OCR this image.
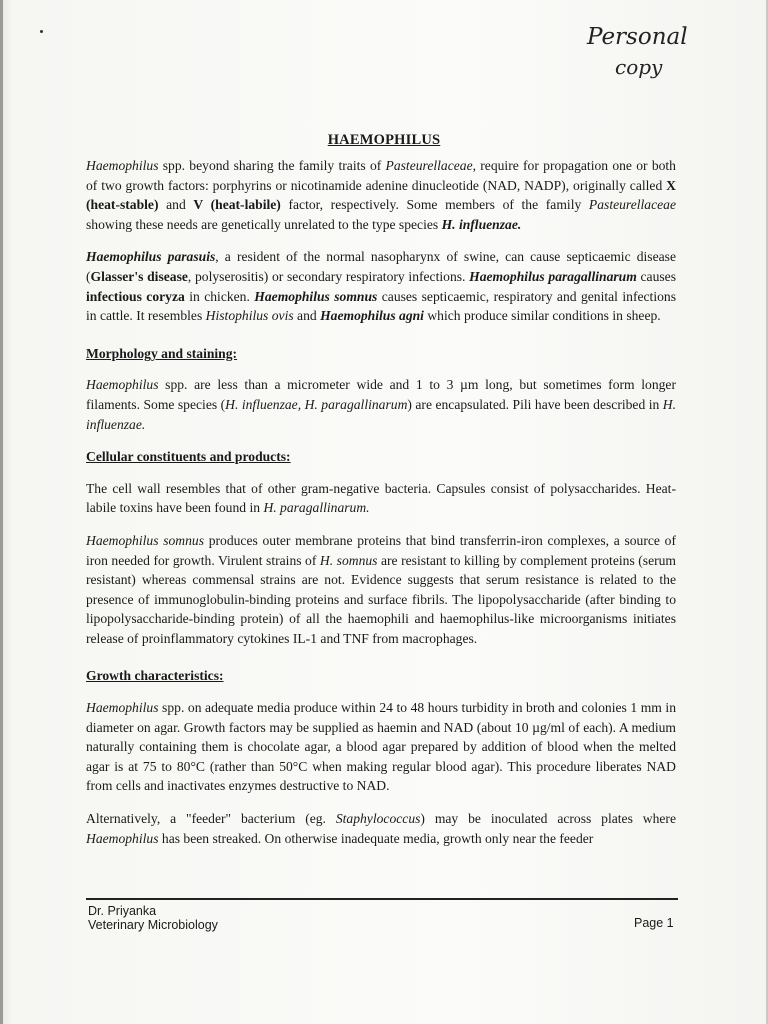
Personal
copy
HAEMOPHILUS

Haemophilus spp. beyond sharing the family traits of Pasteurellaceae, require for propagation one or both of two growth factors: porphyrins or nicotinamide adenine dinucleotide (NAD, NADP), originally called X (heat-stable) and V (heat-labile) factor, respectively. Some members of the family Pasteurellaceae showing these needs are genetically unrelated to the type species H. influenzae.

Haemophilus parasuis, a resident of the normal nasopharynx of swine, can cause septicaemic disease (Glasser's disease, polyserositis) or secondary respiratory infections. Haemophilus paragallinarum causes infectious coryza in chicken. Haemophilus somnus causes septicaemic, respiratory and genital infections in cattle. It resembles Histophilus ovis and Haemophilus agni which produce similar conditions in sheep.

Morphology and staining:

Haemophilus spp. are less than a micrometer wide and 1 to 3 µm long, but sometimes form longer filaments. Some species (H. influenzae, H. paragallinarum) are encapsulated. Pili have been described in H. influenzae.

Cellular constituents and products:

The cell wall resembles that of other gram-negative bacteria. Capsules consist of polysaccharides. Heat-labile toxins have been found in H. paragallinarum.

Haemophilus somnus produces outer membrane proteins that bind transferrin-iron complexes, a source of iron needed for growth. Virulent strains of H. somnus are resistant to killing by complement proteins (serum resistant) whereas commensal strains are not. Evidence suggests that serum resistance is related to the presence of immunoglobulin-binding proteins and surface fibrils. The lipopolysaccharide (after binding to lipopolysaccharide-binding protein) of all the haemophili and haemophilus-like microorganisms initiates release of proinflammatory cytokines IL-1 and TNF from macrophages.

Growth characteristics:

Haemophilus spp. on adequate media produce within 24 to 48 hours turbidity in broth and colonies 1 mm in diameter on agar. Growth factors may be supplied as haemin and NAD (about 10 µg/ml of each). A medium naturally containing them is chocolate agar, a blood agar prepared by addition of blood when the melted agar is at 75 to 80°C (rather than 50°C when making regular blood agar). This procedure liberates NAD from cells and inactivates enzymes destructive to NAD.

Alternatively, a "feeder" bacterium (eg. Staphylococcus) may be inoculated across plates where Haemophilus has been streaked. On otherwise inadequate media, growth only near the feeder

Dr. Priyanka
Veterinary Microbiology	Page 1
